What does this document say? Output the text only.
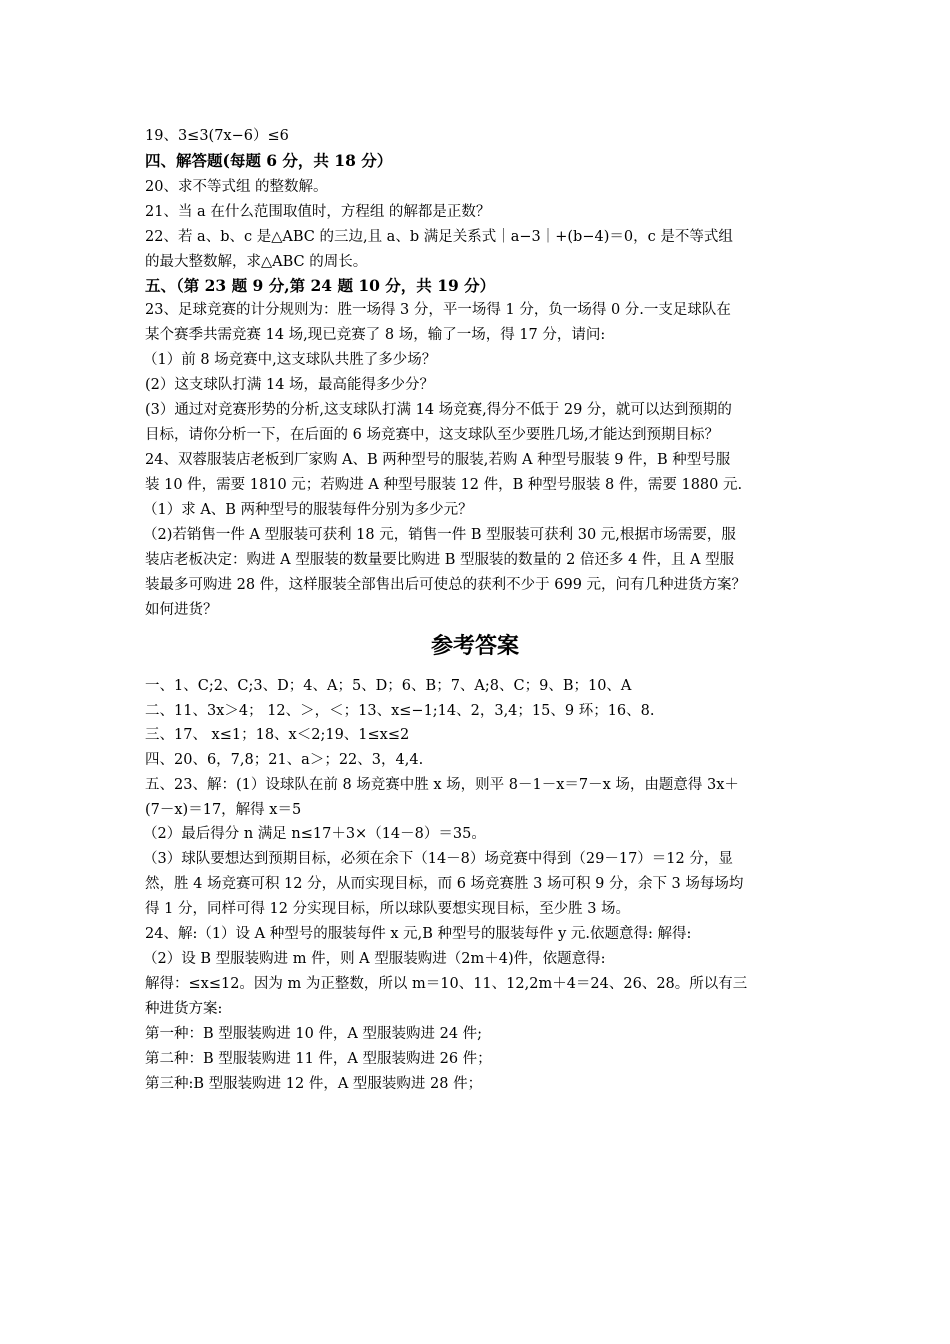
19、3≤3(7x−6）≤6
四、解答题(每题 6 分，共 18 分）
20、求不等式组 的整数解。
21、当 a 在什么范围取值时，方程组 的解都是正数？
22、若 a、b、c 是△ABC 的三边,且 a、b 满足关系式｜a−3｜+(b−4)＝0，c 是不等式组
的最大整数解，求△ABC 的周长。
五、（第 23 题 9 分,第 24 题 10 分，共 19 分）
23、足球竞赛的计分规则为：胜一场得 3 分，平一场得 1 分，负一场得 0 分.一支足球队在
某个赛季共需竞赛 14 场,现已竞赛了 8 场，输了一场，得 17 分，请问:
（1）前 8 场竞赛中,这支球队共胜了多少场？
(2）这支球队打满 14 场，最高能得多少分？
(3）通过对竞赛形势的分析,这支球队打满 14 场竞赛,得分不低于 29 分，就可以达到预期的
目标，请你分析一下，在后面的 6 场竞赛中，这支球队至少要胜几场,才能达到预期目标？
24、双蓉服装店老板到厂家购 A、B 两种型号的服装,若购 A 种型号服装 9 件，B 种型号服
装 10 件，需要 1810 元；若购进 A 种型号服装 12 件，B 种型号服装 8 件，需要 1880 元.
（1）求 A、B 两种型号的服装每件分别为多少元？
（2)若销售一件 A 型服装可获利 18 元，销售一件 B 型服装可获利 30 元,根据市场需要，服
装店老板决定：购进 A 型服装的数量要比购进 B 型服装的数量的 2 倍还多 4 件，且 A 型服
装最多可购进 28 件，这样服装全部售出后可使总的获利不少于 699 元，问有几种进货方案？
如何进货？
参考答案
一、1、C;2、C;3、D；4、A；5、D；6、B；7、A;8、C；9、B；10、A
二、11、3x＞4； 12、＞，＜；13、x≤−1;14、2，3,4；15、9 环；16、8.
三、17、 x≤1；18、x＜2;19、1≤x≤2
四、20、6，7,8；21、a＞；22、3，4,4.
五、23、解：(1）设球队在前 8 场竞赛中胜 x 场，则平 8－1－x＝7－x 场，由题意得 3x＋
(7－x)＝17，解得 x＝5
（2）最后得分 n 满足 n≤17＋3×（14－8）＝35。
（3）球队要想达到预期目标，必须在余下（14－8）场竞赛中得到（29－17）＝12 分，显
然，胜 4 场竞赛可积 12 分，从而实现目标，而 6 场竞赛胜 3 场可积 9 分，余下 3 场每场均
得 1 分，同样可得 12 分实现目标，所以球队要想实现目标，至少胜 3 场。
24、解:（1）设 A 种型号的服装每件 x 元,B 种型号的服装每件 y 元.依题意得: 解得:
（2）设 B 型服装购进 m 件，则 A 型服装购进（2m＋4)件，依题意得:
解得：≤x≤12。因为 m 为正整数，所以 m＝10、11、12,2m＋4＝24、26、28。所以有三
种进货方案:
第一种：B 型服装购进 10 件，A 型服装购进 24 件;
第二种：B 型服装购进 11 件，A 型服装购进 26 件；
第三种:B 型服装购进 12 件，A 型服装购进 28 件；
